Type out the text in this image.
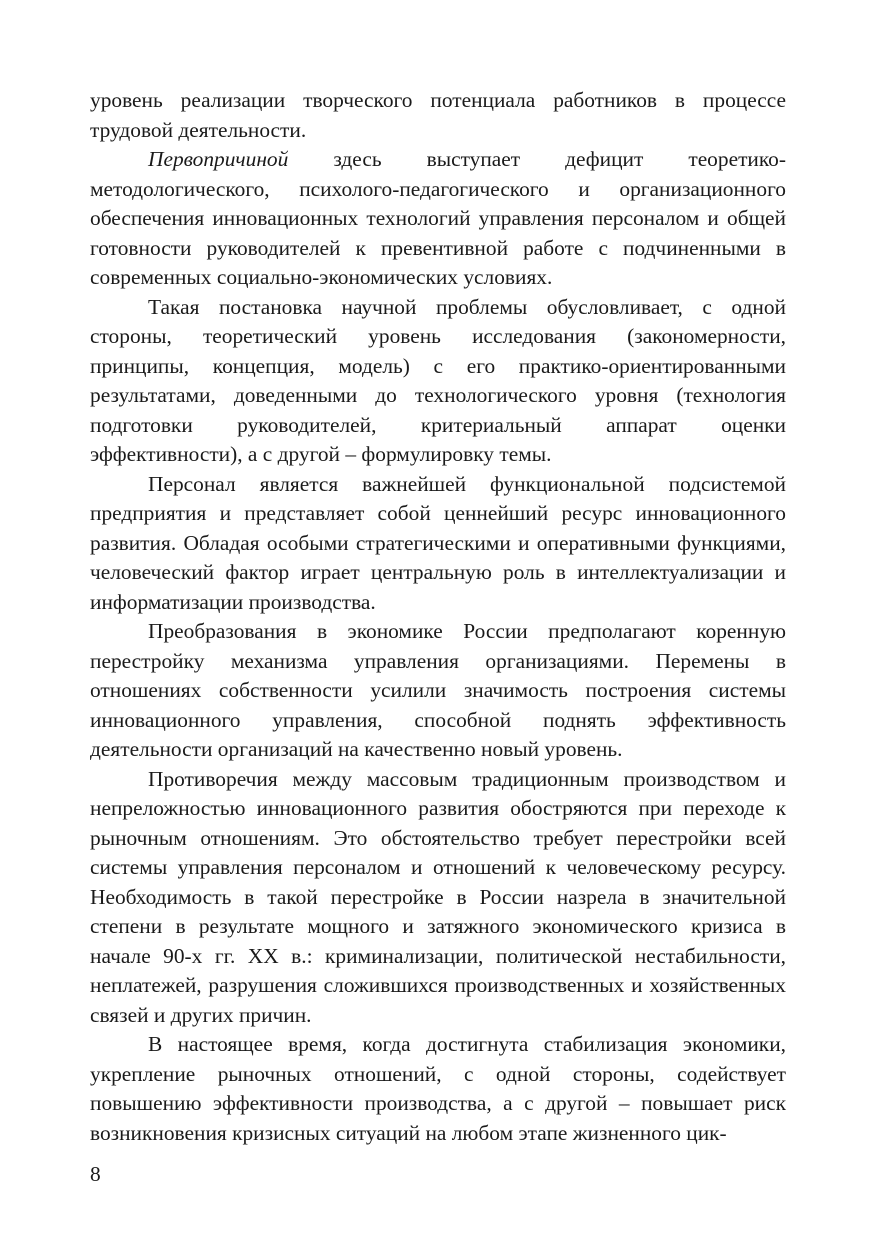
уровень реализации творческого потенциала работников в процессе трудовой деятельности.

Первопричиной здесь выступает дефицит теоретико-методологического, психолого-педагогического и организационного обеспечения инновационных технологий управления персоналом и общей готовности руководителей к превентивной работе с подчиненными в современных социально-экономических условиях.

Такая постановка научной проблемы обусловливает, с одной стороны, теоретический уровень исследования (закономерности, принципы, концепция, модель) с его практико-ориентированными результатами, доведенными до технологического уровня (технология подготовки руководителей, критериальный аппарат оценки эффективности), а с другой – формулировку темы.

Персонал является важнейшей функциональной подсистемой предприятия и представляет собой ценнейший ресурс инновационного развития. Обладая особыми стратегическими и оперативными функциями, человеческий фактор играет центральную роль в интеллектуализации и информатизации производства.

Преобразования в экономике России предполагают коренную перестройку механизма управления организациями. Перемены в отношениях собственности усилили значимость построения системы инновационного управления, способной поднять эффективность деятельности организаций на качественно новый уровень.

Противоречия между массовым традиционным производством и непреложностью инновационного развития обостряются при переходе к рыночным отношениям. Это обстоятельство требует перестройки всей системы управления персоналом и отношений к человеческому ресурсу. Необходимость в такой перестройке в России назрела в значительной степени в результате мощного и затяжного экономического кризиса в начале 90-х гг. XX в.: криминализации, политической нестабильности, неплатежей, разрушения сложившихся производственных и хозяйственных связей и других причин.

В настоящее время, когда достигнута стабилизация экономики, укрепление рыночных отношений, с одной стороны, содействует повышению эффективности производства, а с другой – повышает риск возникновения кризисных ситуаций на любом этапе жизненного цик-

8
